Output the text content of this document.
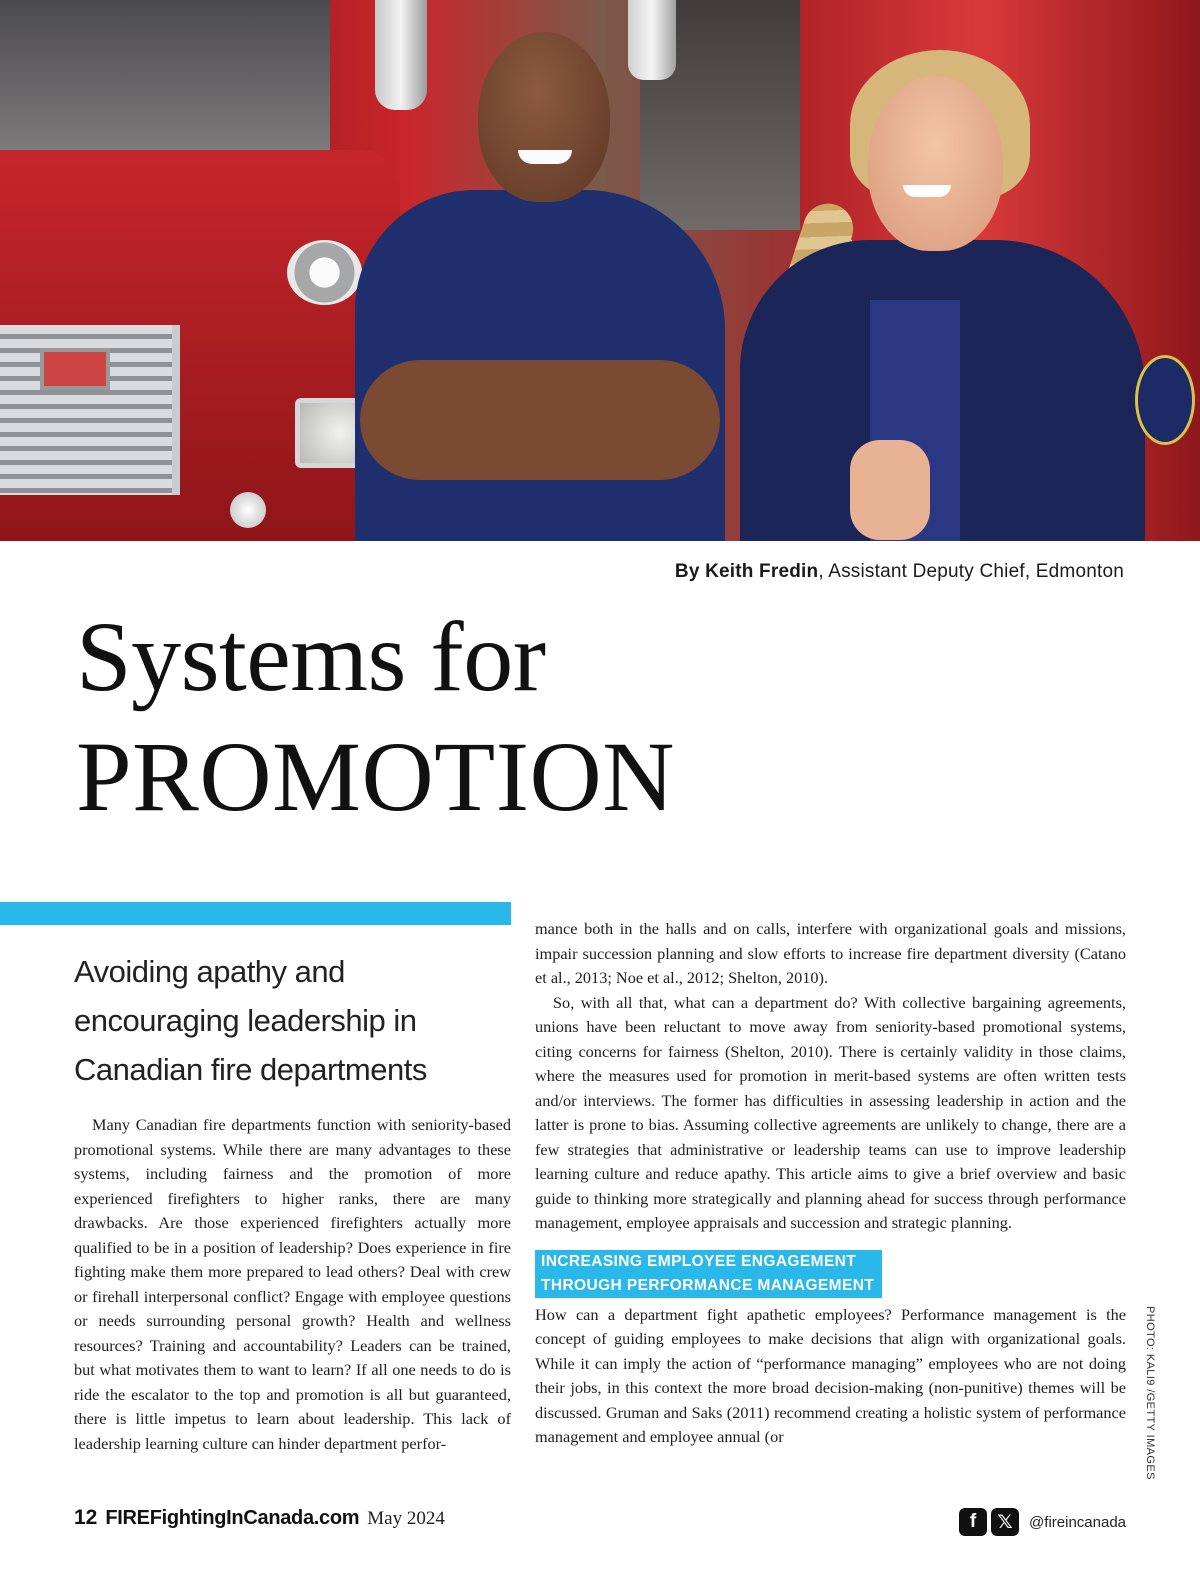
By Keith Fredin, Assistant Deputy Chief, Edmonton
Systems for
PROMOTION
Avoiding apathy and encouraging leadership in Canadian fire departments

Many Canadian fire departments function with seniority-based promotional systems. While there are many advantages to these systems, including fairness and the promotion of more experienced firefighters to higher ranks, there are many drawbacks. Are those experienced firefighters actually more qualified to be in a position of leadership? Does experience in fire fighting make them more prepared to lead others? Deal with crew or firehall interpersonal conflict? Engage with employee questions or needs surrounding personal growth? Health and wellness resources? Training and accountability? Leaders can be trained, but what motivates them to want to learn? If all one needs to do is ride the escalator to the top and promotion is all but guaranteed, there is little impetus to learn about leadership. This lack of leadership learning culture can hinder department perfor-

mance both in the halls and on calls, interfere with organizational goals and missions, impair succession planning and slow efforts to increase fire department diversity (Catano et al., 2013; Noe et al., 2012; Shelton, 2010).

So, with all that, what can a department do? With collective bargaining agreements, unions have been reluctant to move away from seniority-based promotional systems, citing concerns for fairness (Shelton, 2010). There is certainly validity in those claims, where the measures used for promotion in merit-based systems are often written tests and/or interviews. The former has difficulties in assessing leadership in action and the latter is prone to bias. Assuming collective agreements are unlikely to change, there are a few strategies that administrative or leadership teams can use to improve leadership learning culture and reduce apathy. This article aims to give a brief overview and basic guide to thinking more strategically and planning ahead for success through performance management, employee appraisals and succession and strategic planning.

INCREASING EMPLOYEE ENGAGEMENT
THROUGH PERFORMANCE MANAGEMENT

How can a department fight apathetic employees? Performance management is the concept of guiding employees to make decisions that align with organizational goals. While it can imply the action of “performance managing” employees who are not doing their jobs, in this context the more broad decision-making (non-punitive) themes will be discussed. Gruman and Saks (2011) recommend creating a holistic system of performance management and employee annual (or	PHOTO: KALI9 /GETTY IMAGES
12 FIREFightingInCanada.com May 2024	f	𝕏	@fireincanada
